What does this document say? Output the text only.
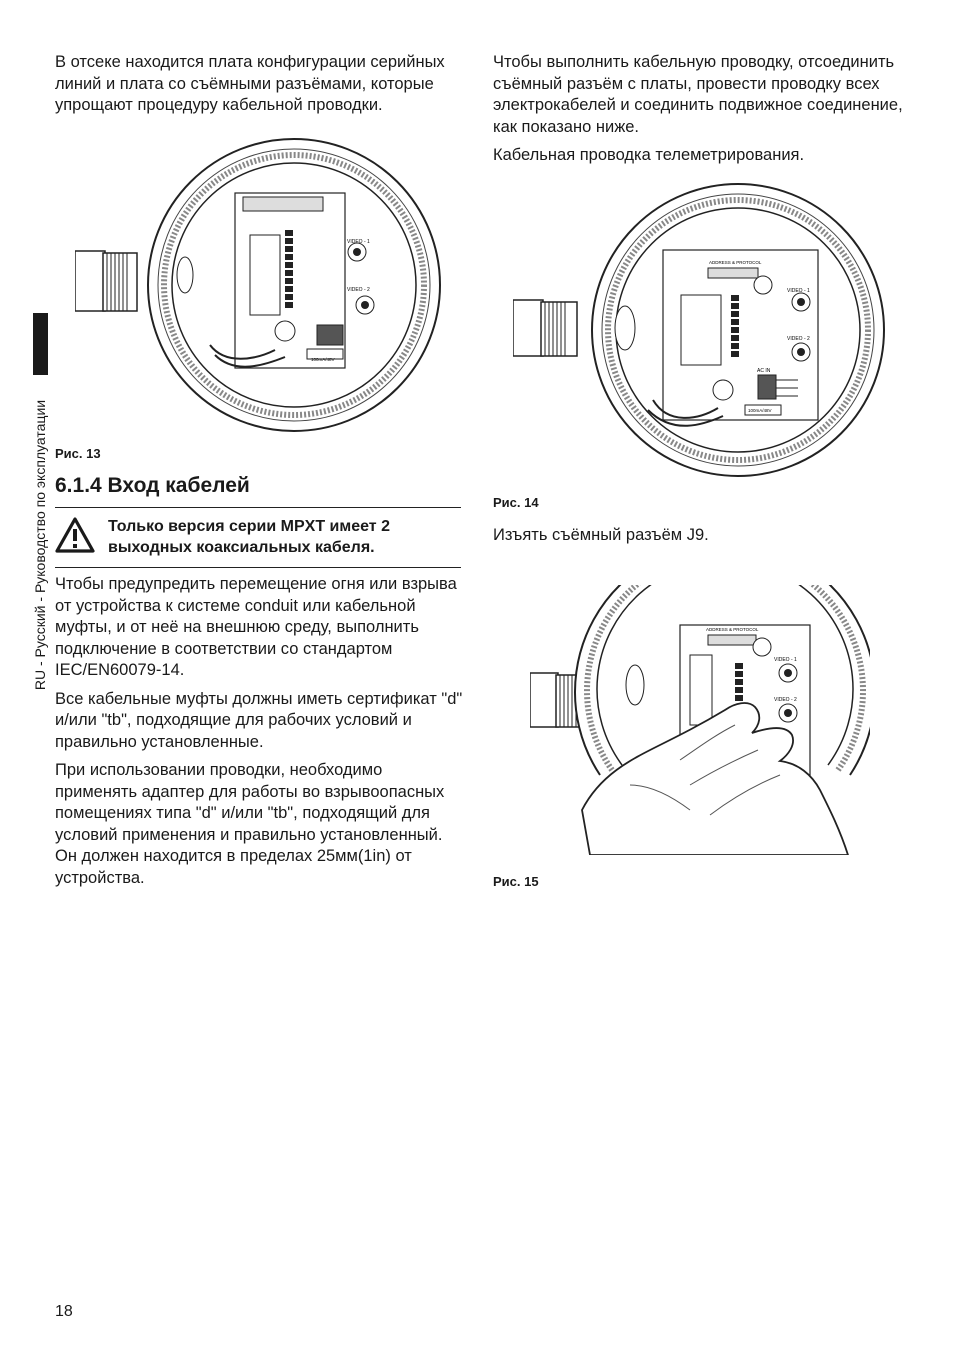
RU - Русский - Руководство по эксплуатации

В отсеке находится плата конфигурации серийных линий и плата со съёмными разъёмами, которые упрощают процедуру кабельной проводки.

VIDEO - 1
VIDEO - 2
100mA/48V
Рис. 13
6.1.4 Вход кабелей
Только версия серии MPXT имеет 2 выходных коаксиальных кабеля.

Чтобы предупредить перемещение огня или взрыва от устройства к системе conduit или кабельной муфты, и от неё на внешнюю среду, выполнить подключение в соответствии со стандартом IEC/EN60079-14.

Все кабельные муфты должны иметь сертификат "d" и/или "tb", подходящие для рабочих условий и правильно установленные.

При использовании проводки, необходимо применять адаптер для работы во взрывоопасных помещениях типа "d" и/или "tb", подходящий для условий применения и правильно установленный. Он должен находится в пределах 25мм(1in) от устройства.

Чтобы выполнить кабельную проводку, отсоединить съёмный разъём с платы, провести проводку всех электрокабелей и соединить подвижное соединение, как показано ниже.

Кабельная проводка телеметрирования.

ADDRESS & PROTOCOL
VIDEO - 1
VIDEO - 2
AC IN
100mA/48V
Рис. 14

Изъять съёмный разъём J9.

ADDRESS & PROTOCOL
VIDEO - 1
VIDEO - 2
Рис. 15
18
